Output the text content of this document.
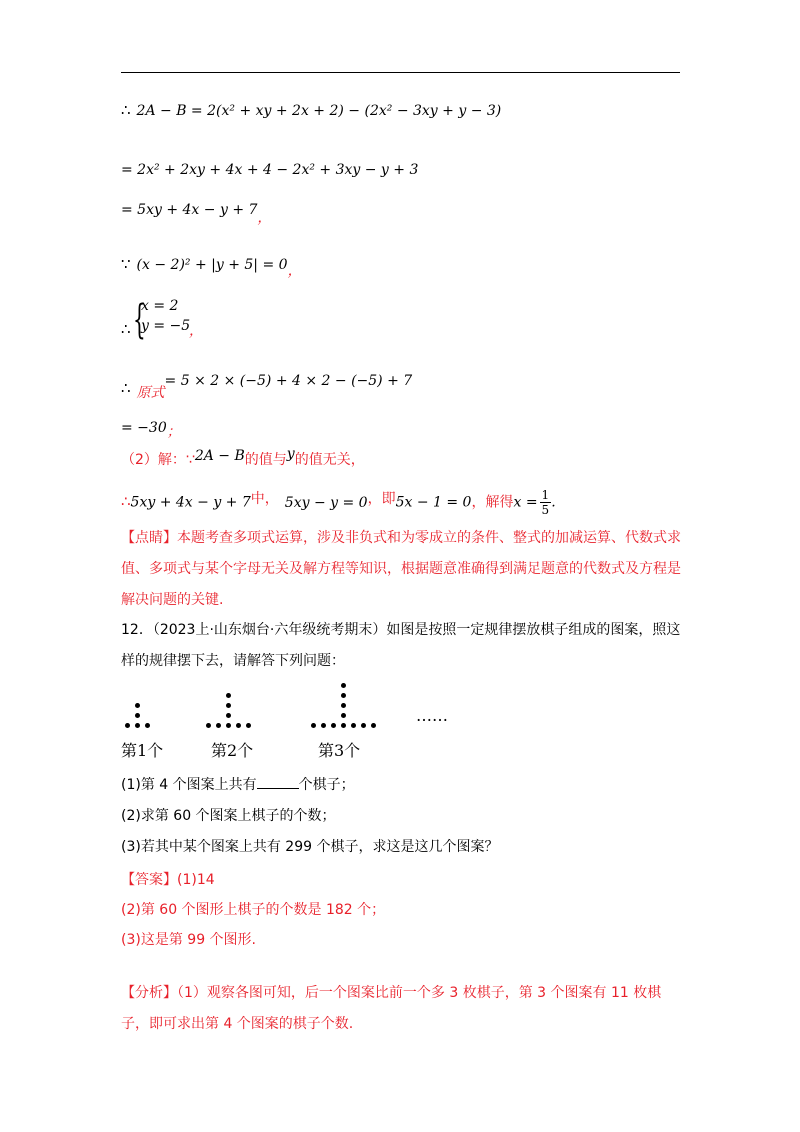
∴ 2A − B = 2(x² + xy + 2x + 2) − (2x² − 3xy + y − 3)
= 2x² + 2xy + 4x + 4 − 2x² + 3xy − y + 3
= 5xy + 4x − y + 7，
∵ (x − 2)² + |y + 5| = 0，
∴ {
x = 2
y = −5
，
∴ 原式= 5 × 2 × (−5) + 4 × 2 − (−5) + 7
= −30；
（2）解：∵2A − B的值与y的值无关，
∴5xy + 4x − y + 7中， 5xy − y = 0，即5x − 1 = 0，解得$x = \frac{1}{5}$ .
【点睛】本题考查多项式运算，涉及非负式和为零成立的条件、整式的加减运算、代数式求值、多项式与某个字母无关及解方程等知识，根据题意准确得到满足题意的代数式及方程是解决问题的关键.
12．（2023上·山东烟台·六年级统考期末）如图是按照一定规律摆放棋子组成的图案，照这样的规律摆下去，请解答下列问题：
……
第1个	第2个	第3个
(1)第 4 个图案上共有	个棋子；
(2)求第 60 个图案上棋子的个数；
(3)若其中某个图案上共有 299 个棋子，求这是这几个图案？
【答案】(1)14
(2)第 60 个图形上棋子的个数是 182 个；
(3)这是第 99 个图形.
【分析】（1）观察各图可知，后一个图案比前一个多 3 枚棋子，第 3 个图案有 11 枚棋子，即可求出第 4 个图案的棋子个数.
